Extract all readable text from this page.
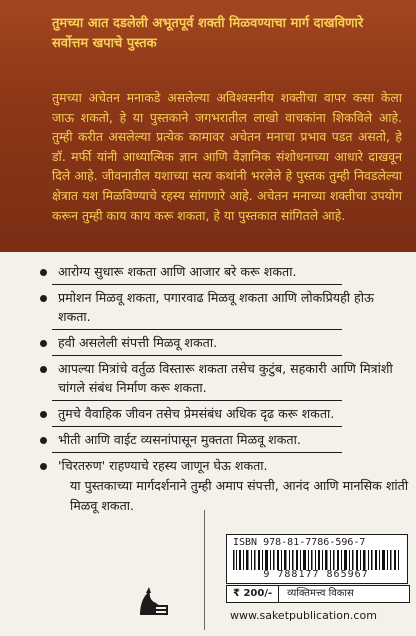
तुमच्या आत दडलेली अभूतपूर्व शक्ती मिळवण्याचा मार्ग दाखविणारे सर्वोत्तम खपाचे पुस्तक
तुमच्या अचेतन मनाकडे असलेल्या अविश्वसनीय शक्तीचा वापर कसा केला जाऊ शकतो, हे या पुस्तकाने जगभरातील लाखो वाचकांना शिकविले आहे. तुम्ही करीत असलेल्या प्रत्येक कामावर अचेतन मनाचा प्रभाव पडत असतो, हे डॉ. मर्फी यांनी आध्यात्मिक ज्ञान आणि वैज्ञानिक संशोधनाच्या आधारे दाखवून दिले आहे. जीवनातील यशाच्या सत्य कथांनी भरलेले हे पुस्तक तुम्ही निवडलेल्या क्षेत्रात यश मिळविण्याचे रहस्य सांगणारे आहे. अचेतन मनाच्या शक्तीचा उपयोग करून तुम्ही काय काय करू शकता, हे या पुस्तकात सांगितले आहे.
आरोग्य सुधारू शकता आणि आजार बरे करू शकता.
प्रमोशन मिळवू शकता, पगारवाढ मिळवू शकता आणि लोकप्रियही होऊ शकता.
हवी असलेली संपत्ती मिळवू शकता.
आपल्या मित्रांचे वर्तुळ विस्तारू शकता तसेच कुटुंब, सहकारी आणि मित्रांशी चांगले संबंध निर्माण करू शकता.
तुमचे वैवाहिक जीवन तसेच प्रेमसंबंध अधिक दृढ करू शकता.
भीती आणि वाईट व्यसनांपासून मुक्तता मिळवू शकता.
'चिरतरुण' राहण्याचे रहस्य जाणून घेऊ शकता.
या पुस्तकाच्या मार्गदर्शनाने तुम्ही अमाप संपत्ती, आनंद आणि मानसिक शांती मिळवू शकता.
ISBN 978-81-7786-596-7
9 788177 865967
₹ 200/-	व्यक्तिमत्त्व विकास
www.saketpublication.com
